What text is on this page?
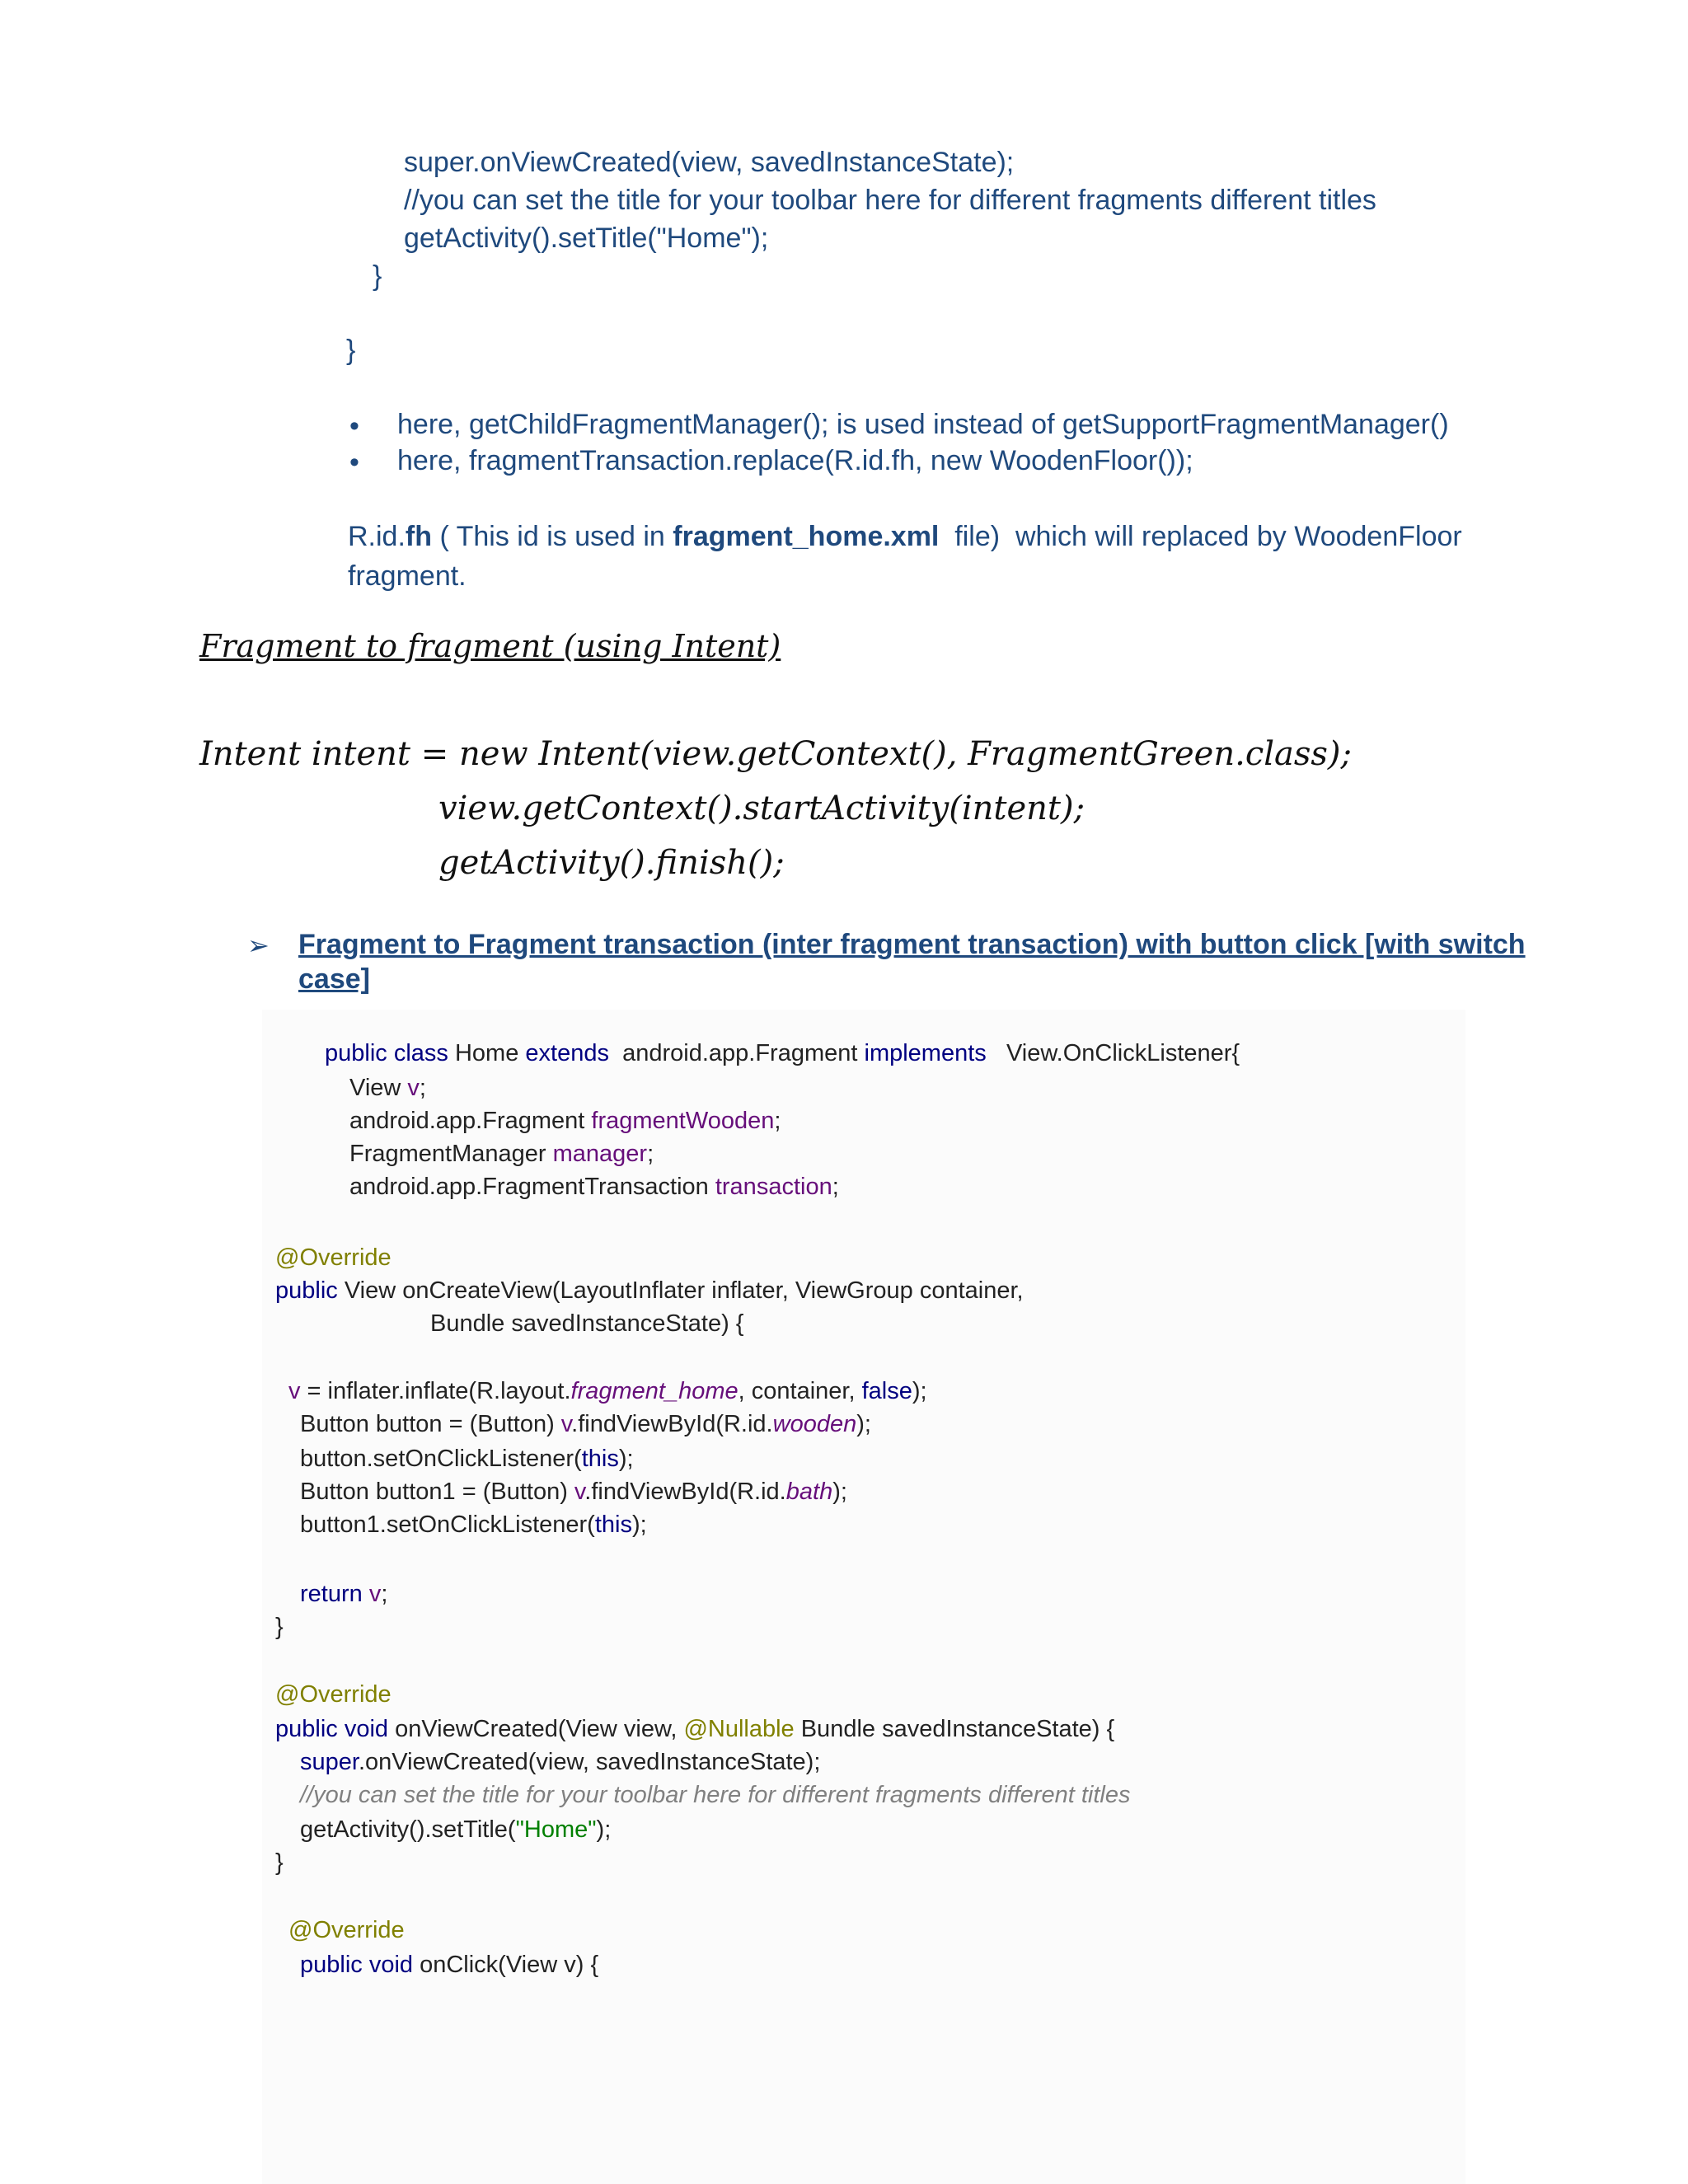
super.onViewCreated(view, savedInstanceState);
//you can set the title for your toolbar here for different fragments different titles
getActivity().setTitle("Home");
}
}
• here, getChildFragmentManager(); is used instead of getSupportFragmentManager()
• here, fragmentTransaction.replace(R.id.fh, new WoodenFloor());
R.id.fh ( This id is used in fragment_home.xml  file)  which will replaced by WoodenFloor
fragment.
Fragment to fragment (using Intent)
Intent intent = new Intent(view.getContext(), FragmentGreen.class);
view.getContext().startActivity(intent);
getActivity().finish();
➢ Fragment to Fragment transaction (inter fragment transaction) with button click [with switch
case]
public class Home extends  android.app.Fragment implements   View.OnClickListener{
View v;
android.app.Fragment fragmentWooden;
FragmentManager manager;
android.app.FragmentTransaction transaction;
@Override
public View onCreateView(LayoutInflater inflater, ViewGroup container,
Bundle savedInstanceState) {
v = inflater.inflate(R.layout.fragment_home, container, false);
Button button = (Button) v.findViewById(R.id.wooden);
button.setOnClickListener(this);
Button button1 = (Button) v.findViewById(R.id.bath);
button1.setOnClickListener(this);
return v;
}
@Override
public void onViewCreated(View view, @Nullable Bundle savedInstanceState) {
super.onViewCreated(view, savedInstanceState);
//you can set the title for your toolbar here for different fragments different titles
getActivity().setTitle("Home");
}
@Override
public void onClick(View v) {
